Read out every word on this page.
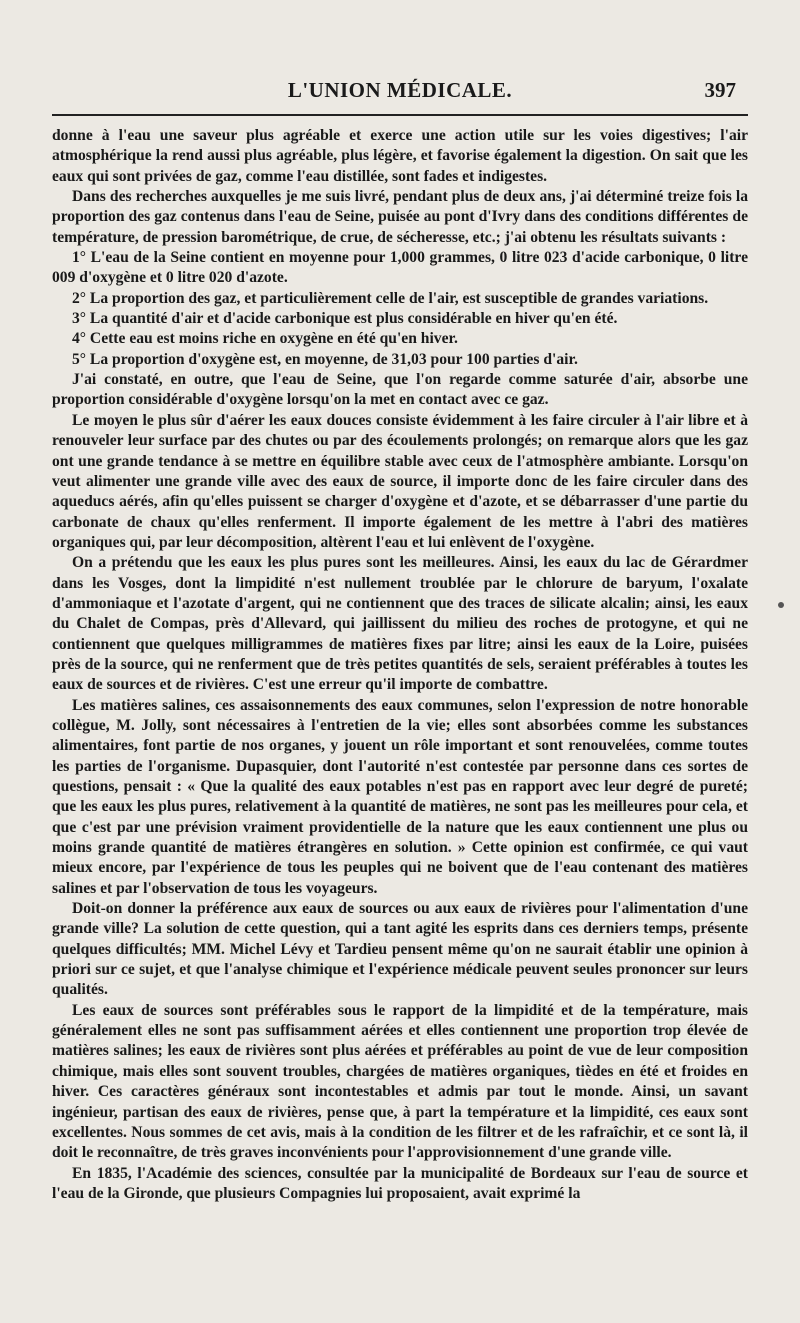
L'UNION MÉDICALE.	397

donne à l'eau une saveur plus agréable et exerce une action utile sur les voies digestives; l'air atmosphérique la rend aussi plus agréable, plus légère, et favorise également la digestion. On sait que les eaux qui sont privées de gaz, comme l'eau distillée, sont fades et indigestes.

Dans des recherches auxquelles je me suis livré, pendant plus de deux ans, j'ai déterminé treize fois la proportion des gaz contenus dans l'eau de Seine, puisée au pont d'Ivry dans des conditions différentes de température, de pression barométrique, de crue, de sécheresse, etc.; j'ai obtenu les résultats suivants :

1° L'eau de la Seine contient en moyenne pour 1,000 grammes, 0 litre 023 d'acide carbonique, 0 litre 009 d'oxygène et 0 litre 020 d'azote.

2° La proportion des gaz, et particulièrement celle de l'air, est susceptible de grandes variations.

3° La quantité d'air et d'acide carbonique est plus considérable en hiver qu'en été.

4° Cette eau est moins riche en oxygène en été qu'en hiver.

5° La proportion d'oxygène est, en moyenne, de 31,03 pour 100 parties d'air.

J'ai constaté, en outre, que l'eau de Seine, que l'on regarde comme saturée d'air, absorbe une proportion considérable d'oxygène lorsqu'on la met en contact avec ce gaz.

Le moyen le plus sûr d'aérer les eaux douces consiste évidemment à les faire circuler à l'air libre et à renouveler leur surface par des chutes ou par des écoulements prolongés; on remarque alors que les gaz ont une grande tendance à se mettre en équilibre stable avec ceux de l'atmosphère ambiante. Lorsqu'on veut alimenter une grande ville avec des eaux de source, il importe donc de les faire circuler dans des aqueducs aérés, afin qu'elles puissent se charger d'oxygène et d'azote, et se débarrasser d'une partie du carbonate de chaux qu'elles renferment. Il importe également de les mettre à l'abri des matières organiques qui, par leur décomposition, altèrent l'eau et lui enlèvent de l'oxygène.

On a prétendu que les eaux les plus pures sont les meilleures. Ainsi, les eaux du lac de Gérardmer dans les Vosges, dont la limpidité n'est nullement troublée par le chlorure de baryum, l'oxalate d'ammoniaque et l'azotate d'argent, qui ne contiennent que des traces de silicate alcalin; ainsi, les eaux du Chalet de Compas, près d'Allevard, qui jaillissent du milieu des roches de protogyne, et qui ne contiennent que quelques milligrammes de matières fixes par litre; ainsi les eaux de la Loire, puisées près de la source, qui ne renferment que de très petites quantités de sels, seraient préférables à toutes les eaux de sources et de rivières. C'est une erreur qu'il importe de combattre.

Les matières salines, ces assaisonnements des eaux communes, selon l'expression de notre honorable collègue, M. Jolly, sont nécessaires à l'entretien de la vie; elles sont absorbées comme les substances alimentaires, font partie de nos organes, y jouent un rôle important et sont renouvelées, comme toutes les parties de l'organisme. Dupasquier, dont l'autorité n'est contestée par personne dans ces sortes de questions, pensait : « Que la qualité des eaux potables n'est pas en rapport avec leur degré de pureté; que les eaux les plus pures, relativement à la quantité de matières, ne sont pas les meilleures pour cela, et que c'est par une prévision vraiment providentielle de la nature que les eaux contiennent une plus ou moins grande quantité de matières étrangères en solution. » Cette opinion est confirmée, ce qui vaut mieux encore, par l'expérience de tous les peuples qui ne boivent que de l'eau contenant des matières salines et par l'observation de tous les voyageurs.

Doit-on donner la préférence aux eaux de sources ou aux eaux de rivières pour l'alimentation d'une grande ville? La solution de cette question, qui a tant agité les esprits dans ces derniers temps, présente quelques difficultés; MM. Michel Lévy et Tardieu pensent même qu'on ne saurait établir une opinion à priori sur ce sujet, et que l'analyse chimique et l'expérience médicale peuvent seules prononcer sur leurs qualités.

Les eaux de sources sont préférables sous le rapport de la limpidité et de la température, mais généralement elles ne sont pas suffisamment aérées et elles contiennent une proportion trop élevée de matières salines; les eaux de rivières sont plus aérées et préférables au point de vue de leur composition chimique, mais elles sont souvent troubles, chargées de matières organiques, tièdes en été et froides en hiver. Ces caractères généraux sont incontestables et admis par tout le monde. Ainsi, un savant ingénieur, partisan des eaux de rivières, pense que, à part la température et la limpidité, ces eaux sont excellentes. Nous sommes de cet avis, mais à la condition de les filtrer et de les rafraîchir, et ce sont là, il doit le reconnaître, de très graves inconvénients pour l'approvisionnement d'une grande ville.

En 1835, l'Académie des sciences, consultée par la municipalité de Bordeaux sur l'eau de source et l'eau de la Gironde, que plusieurs Compagnies lui proposaient, avait exprimé la
